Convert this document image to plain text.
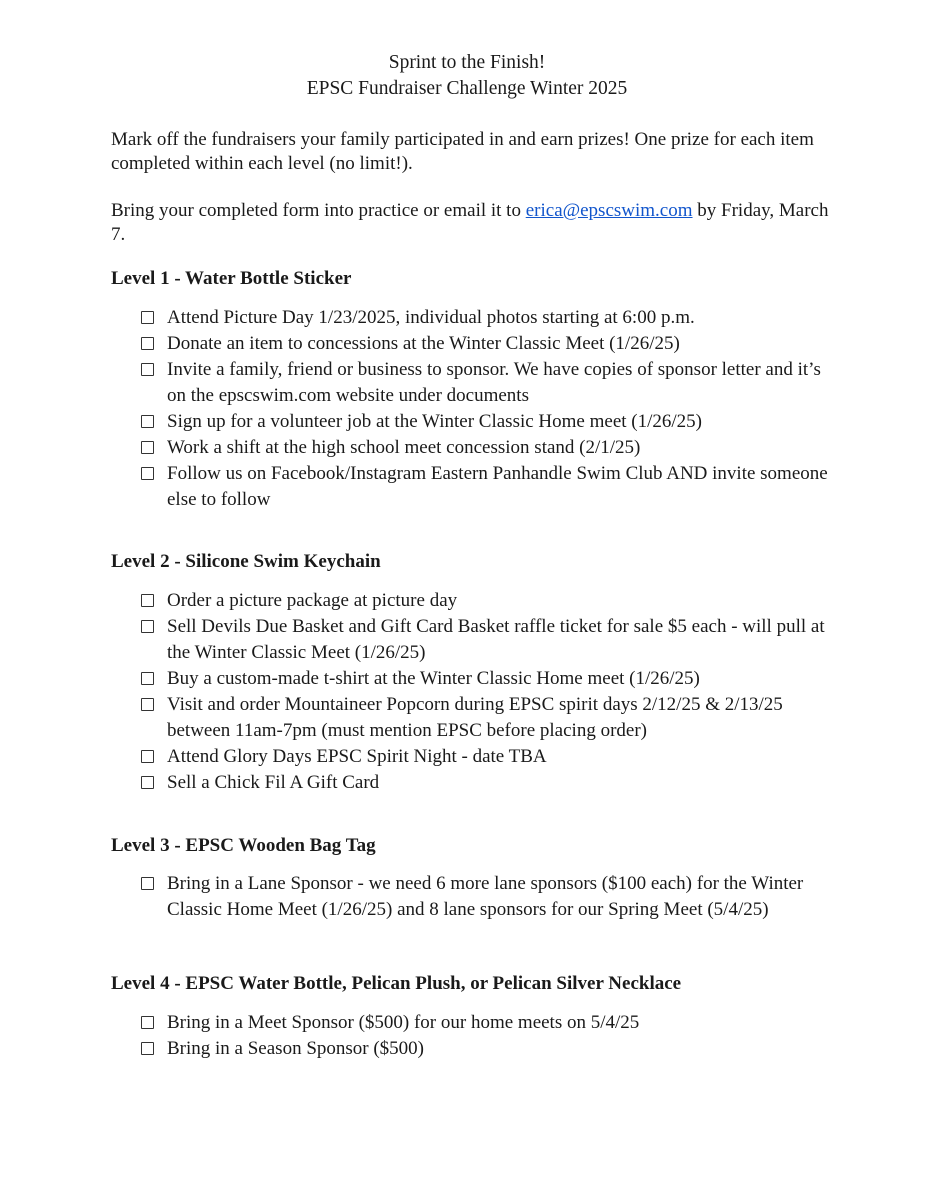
Sprint to the Finish!
EPSC Fundraiser Challenge Winter 2025
Mark off the fundraisers your family participated in and earn prizes! One prize for each item completed within each level (no limit!).
Bring your completed form into practice or email it to erica@epscswim.com by Friday, March 7.
Level 1 - Water Bottle Sticker
Attend Picture Day 1/23/2025, individual photos starting at 6:00 p.m.
Donate an item to concessions at the Winter Classic Meet (1/26/25)
Invite a family, friend or business to sponsor. We have copies of sponsor letter and it’s on the epscswim.com website under documents
Sign up for a volunteer job at the Winter Classic Home meet (1/26/25)
Work a shift at the high school meet concession stand (2/1/25)
Follow us on Facebook/Instagram Eastern Panhandle Swim Club AND invite someone else to follow
Level 2 - Silicone Swim Keychain
Order a picture package at picture day
Sell Devils Due Basket and Gift Card Basket raffle ticket for sale $5 each - will pull at the Winter Classic Meet (1/26/25)
Buy a custom-made t-shirt at the Winter Classic Home meet (1/26/25)
Visit and order Mountaineer Popcorn during EPSC spirit days 2/12/25 & 2/13/25 between 11am-7pm (must mention EPSC before placing order)
Attend Glory Days EPSC Spirit Night - date TBA
Sell a Chick Fil A Gift Card
Level 3 - EPSC Wooden Bag Tag
Bring in a Lane Sponsor - we need 6 more lane sponsors ($100 each) for the Winter Classic Home Meet (1/26/25) and 8 lane sponsors for our Spring Meet (5/4/25)
Level 4 - EPSC Water Bottle, Pelican Plush, or Pelican Silver Necklace
Bring in a Meet Sponsor ($500) for our home meets on 5/4/25
Bring in a Season Sponsor ($500)
